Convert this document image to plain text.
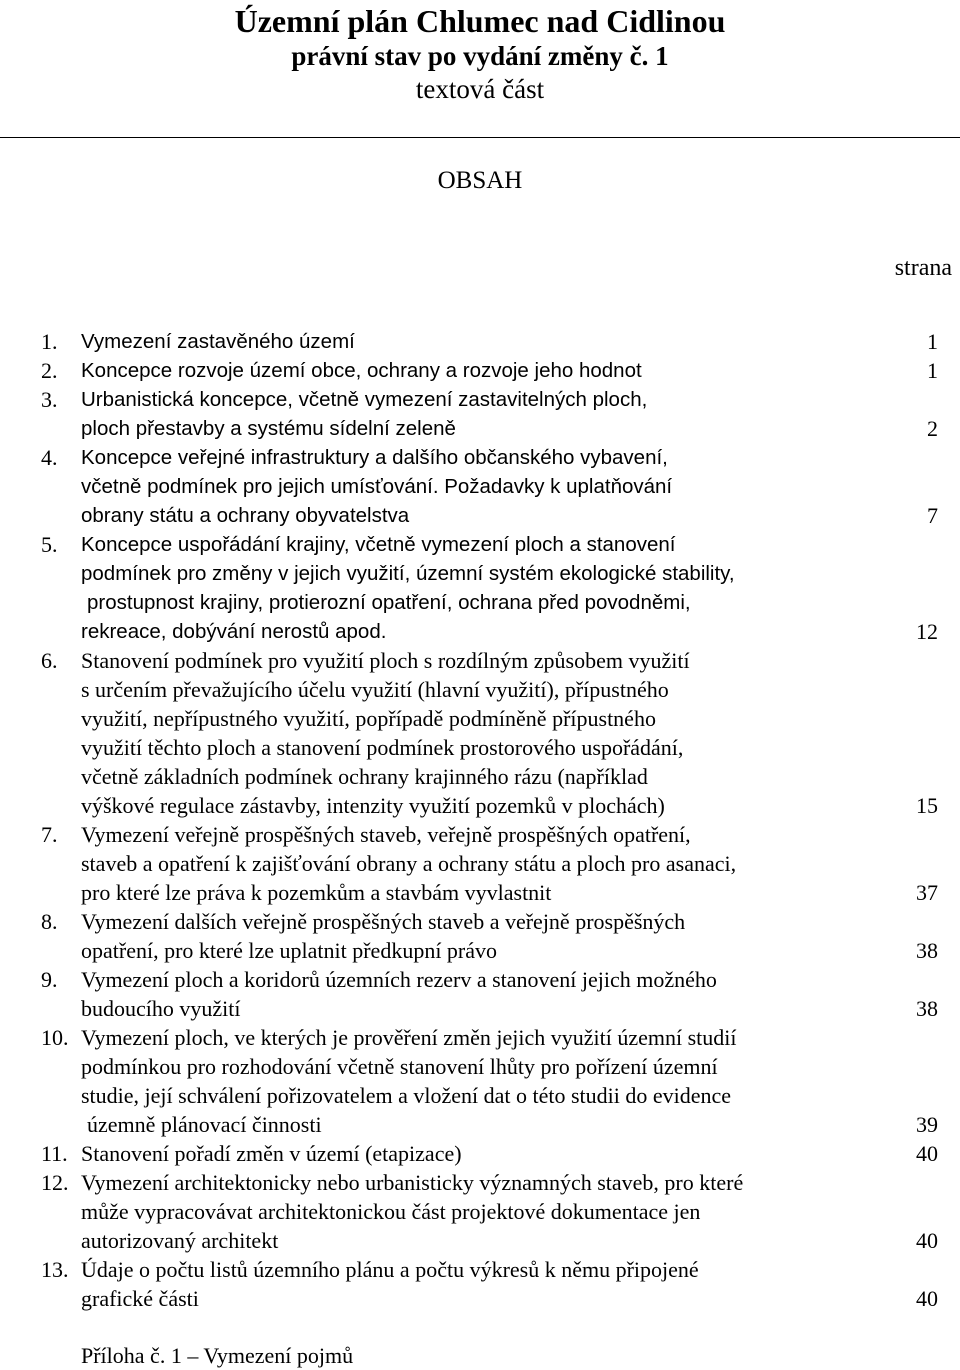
Územní plán Chlumec nad Cidlinou
právní stav po vydání změny č. 1
textová část
OBSAH
strana
1. Vymezení zastavěného území	1
2. Koncepce rozvoje území obce, ochrany a rozvoje jeho hodnot	1
3. Urbanistická koncepce, včetně vymezení zastavitelných ploch,
ploch přestavby a systému sídelní zeleně	2
4. Koncepce veřejné infrastruktury a dalšího občanského vybavení,
včetně podmínek pro jejich umísťování. Požadavky k uplatňování
obrany státu a ochrany obyvatelstva	7
5. Koncepce uspořádání krajiny, včetně vymezení ploch a stanovení
podmínek pro změny v jejich využití, územní systém ekologické stability,
prostupnost krajiny, protierozní opatření, ochrana před povodněmi,
rekreace, dobývání nerostů apod.	12
6. Stanovení podmínek pro využití ploch s rozdílným způsobem využití
s určením převažujícího účelu využití (hlavní využití), přípustného
využití, nepřípustného využití, popřípadě podmíněně přípustného
využití těchto ploch a stanovení podmínek prostorového uspořádání,
včetně základních podmínek ochrany krajinného rázu (například
výškové regulace zástavby, intenzity využití pozemků v plochách)	15
7. Vymezení veřejně prospěšných staveb, veřejně prospěšných opatření,
staveb a opatření k zajišťování obrany a ochrany státu a ploch pro asanaci,
pro které lze práva k pozemkům a stavbám vyvlastnit	37
8. Vymezení dalších veřejně prospěšných staveb a veřejně prospěšných
opatření, pro které lze uplatnit předkupní právo	38
9. Vymezení ploch a koridorů územních rezerv a stanovení jejich možného
budoucího využití	38
10. Vymezení ploch, ve kterých je prověření změn jejich využití územní studií
podmínkou pro rozhodování včetně stanovení lhůty pro pořízení územní
studie, její schválení pořizovatelem a vložení dat o této studii do evidence
územně plánovací činnosti	39
11. Stanovení pořadí změn v území (etapizace)	40
12. Vymezení architektonicky nebo urbanisticky významných staveb, pro které
může vypracovávat architektonickou část projektové dokumentace jen
autorizovaný architekt	40
13. Údaje o počtu listů územního plánu a počtu výkresů k němu připojené
grafické části	40
Příloha č. 1 – Vymezení pojmů
